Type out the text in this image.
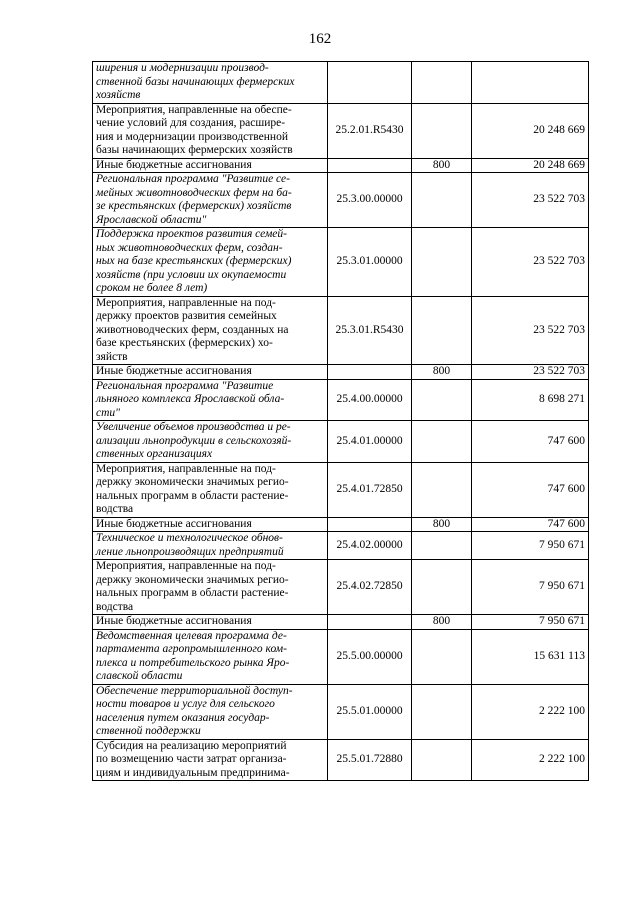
162
ширения и модернизации производ-
ственной базы начинающих фермерских
хозяйств			
Мероприятия, направленные на обеспе-
чение условий для создания, расшире-
ния и модернизации производственной
базы начинающих фермерских хозяйств	25.2.01.R5430		20 248 669
Иные бюджетные ассигнования		800	20 248 669
Региональная программа "Развитие се-
мейных животноводческих ферм на ба-
зе крестьянских (фермерских) хозяйств
Ярославской области"	25.3.00.00000		23 522 703
Поддержка проектов развития семей-
ных животноводческих ферм, создан-
ных на базе крестьянских (фермерских)
хозяйств (при условии их окупаемости
сроком не более 8 лет)	25.3.01.00000		23 522 703
Мероприятия, направленные на под-
держку проектов развития семейных
животноводческих ферм, созданных на
базе крестьянских (фермерских) хо-
зяйств	25.3.01.R5430		23 522 703
Иные бюджетные ассигнования		800	23 522 703
Региональная программа "Развитие
льняного комплекса Ярославской обла-
сти"	25.4.00.00000		8 698 271
Увеличение объемов производства и ре-
ализации льнопродукции в сельскохозяй-
ственных организациях	25.4.01.00000		747 600
Мероприятия, направленные на под-
держку экономически значимых регио-
нальных программ в области растение-
водства	25.4.01.72850		747 600
Иные бюджетные ассигнования		800	747 600
Техническое и технологическое обнов-
ление льнопроизводящих предприятий	25.4.02.00000		7 950 671
Мероприятия, направленные на под-
держку экономически значимых регио-
нальных программ в области растение-
водства	25.4.02.72850		7 950 671
Иные бюджетные ассигнования		800	7 950 671
Ведомственная целевая программа де-
партамента агропромышленного ком-
плекса и потребительского рынка Яро-
славской области	25.5.00.00000		15 631 113
Обеспечение территориальной доступ-
ности товаров и услуг для сельского
населения путем оказания государ-
ственной поддержки	25.5.01.00000		2 222 100
Субсидия на реализацию мероприятий
по возмещению части затрат организа-
циям и индивидуальным предпринима-	25.5.01.72880		2 222 100
